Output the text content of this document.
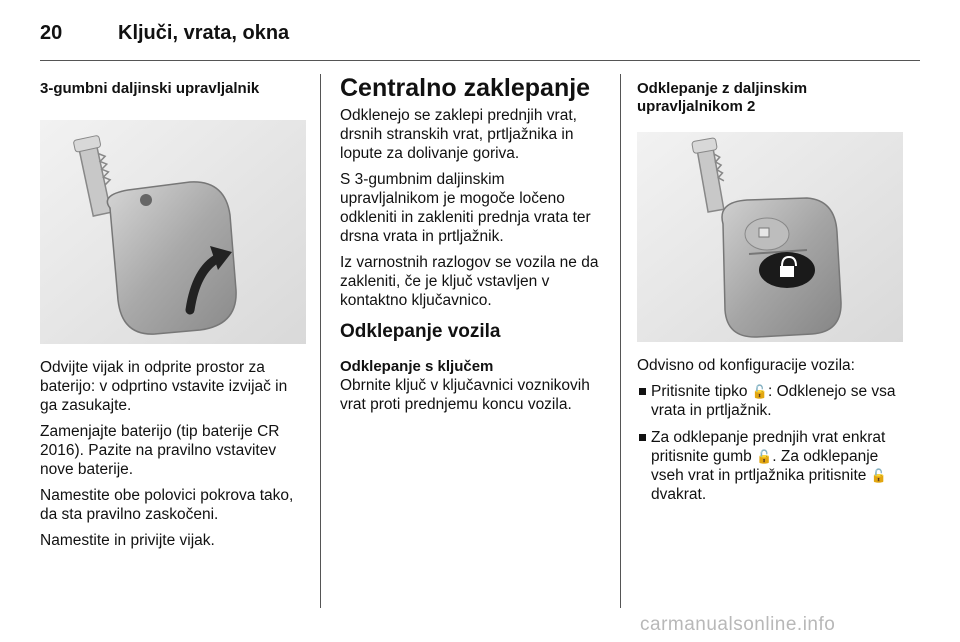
20	Ključi, vrata, okna

3-gumbni daljinski upravljalnik

Odvijte vijak in odprite prostor za baterijo: v odprtino vstavite izvijač in ga zasukajte.

Zamenjajte baterijo (tip baterije CR 2016). Pazite na pravilno vstavitev nove baterije.

Namestite obe polovici pokrova tako, da sta pravilno zaskočeni.

Namestite in privijte vijak.

Centralno zaklepanje

Odklenejo se zaklepi prednjih vrat, drsnih stranskih vrat, prtljažnika in lopute za dolivanje goriva.

S 3-gumbnim daljinskim upravljalnikom je mogoče ločeno odkleniti in zakleniti prednja vrata ter drsna vrata in prtljažnik.

Iz varnostnih razlogov se vozila ne da zakleniti, če je ključ vstavljen v kontaktno ključavnico.

Odklepanje vozila

Odklepanje s ključem

Obrnite ključ v ključavnici voznikovih vrat proti prednjemu koncu vozila.

Odklepanje z daljinskim upravljalnikom 2

Odvisno od konfiguracije vozila:

Pritisnite tipko 🔓: Odklenejo se vsa vrata in prtljažnik.
Za odklepanje prednjih vrat enkrat pritisnite gumb 🔓. Za odklepanje vseh vrat in prtljažnika pritisnite 🔓 dvakrat.
carmanualsonline.info
